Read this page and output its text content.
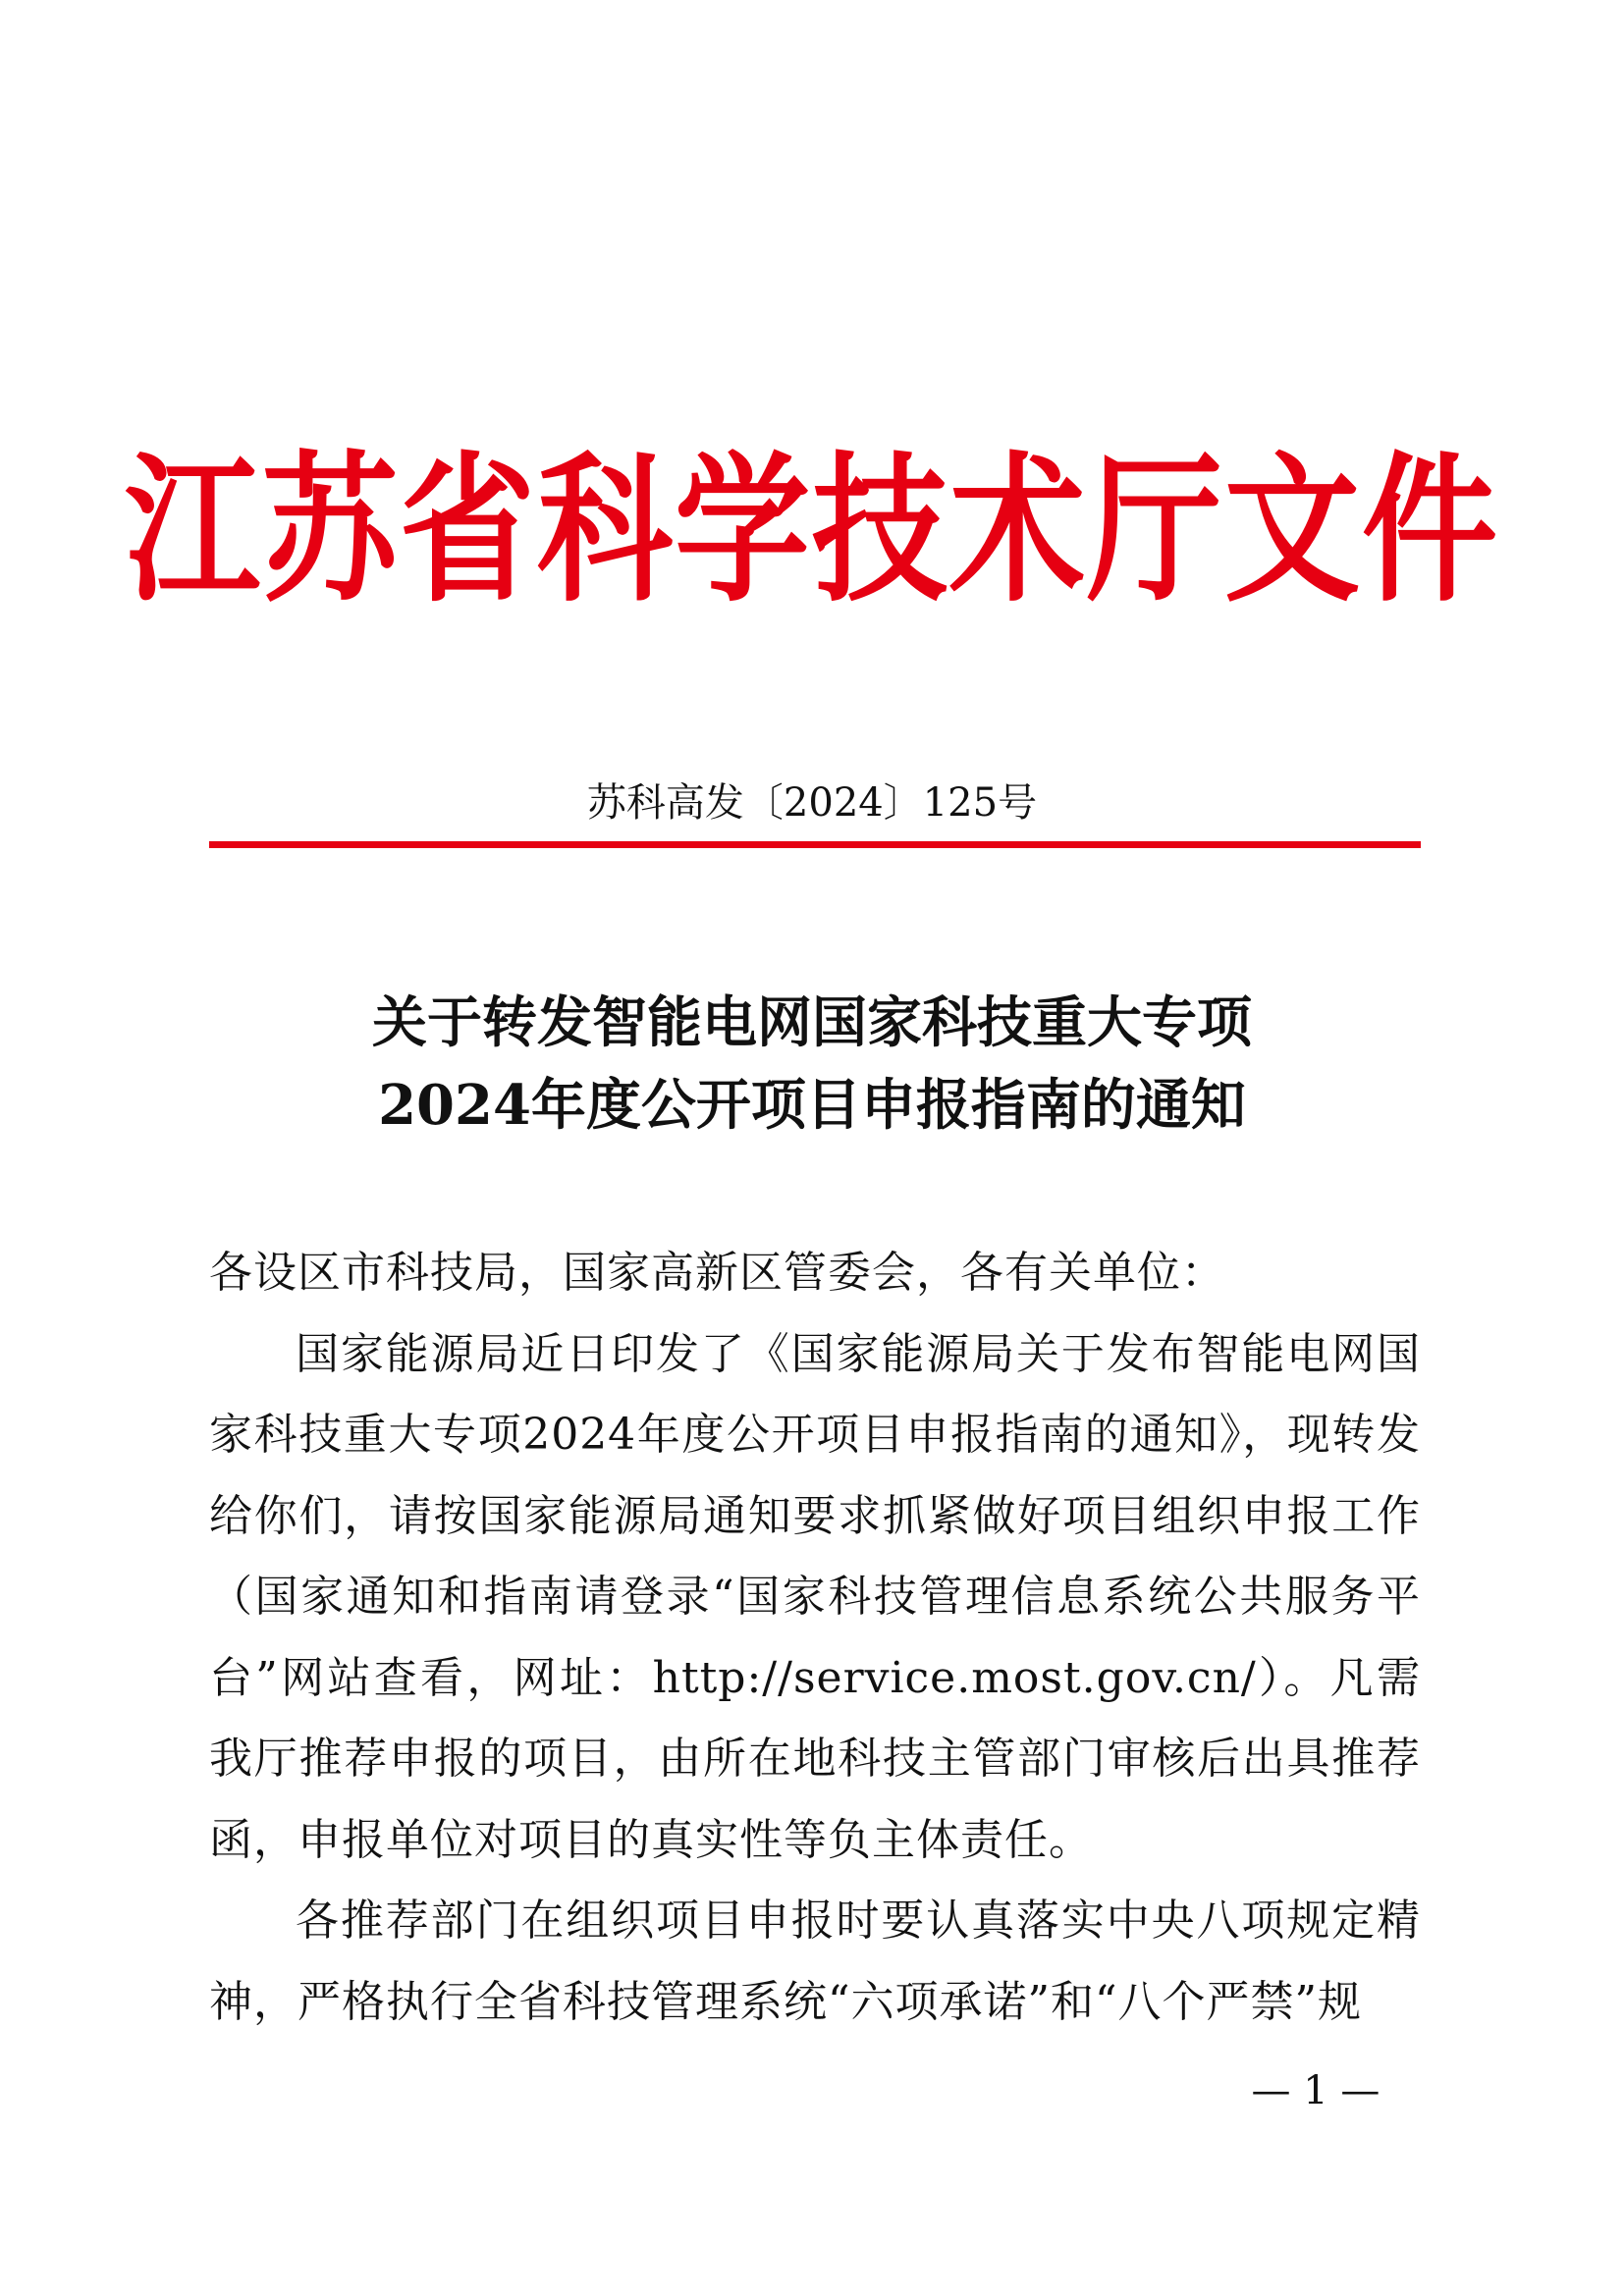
江苏省科学技术厅文件
苏科高发〔2024〕125号
关于转发智能电网国家科技重大专项
2024年度公开项目申报指南的通知

各设区市科技局，国家高新区管委会，各有关单位：

国家能源局近日印发了《国家能源局关于发布智能电网国家科技重大专项2024年度公开项目申报指南的通知》，现转发给你们，请按国家能源局通知要求抓紧做好项目组织申报工作（国家通知和指南请登录“国家科技管理信息系统公共服务平台”网站查看，网址：http://service.most.gov.cn/）。凡需我厅推荐申报的项目，由所在地科技主管部门审核后出具推荐函，申报单位对项目的真实性等负主体责任。

各推荐部门在组织项目申报时要认真落实中央八项规定精神，严格执行全省科技管理系统“六项承诺”和“八个严禁”规

— 1 —
